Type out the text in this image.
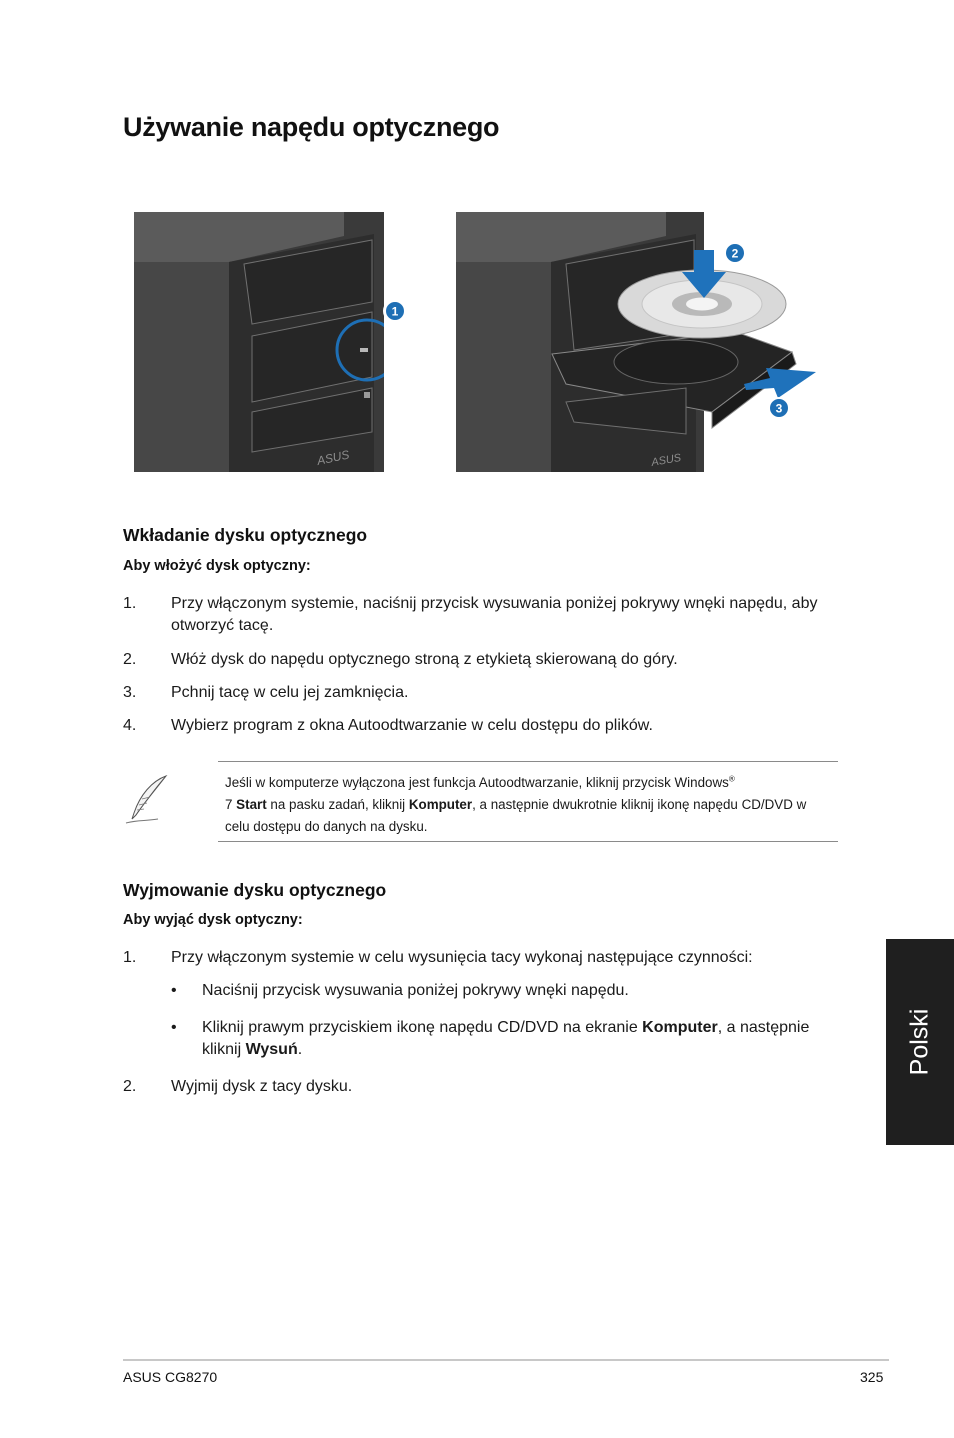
Używanie napędu optycznego
ASUS
1
ASUS
2
3
Wkładanie dysku optycznego
Aby włożyć dysk optyczny:
1. Przy włączonym systemie, naciśnij przycisk wysuwania poniżej pokrywy wnęki napędu, aby otworzyć tacę.
2. Włóż dysk do napędu optycznego stroną z etykietą skierowaną do góry.
3. Pchnij tacę w celu jej zamknięcia.
4. Wybierz program z okna Autoodtwarzanie w celu dostępu do plików.
Jeśli w komputerze wyłączona jest funkcja Autoodtwarzanie, kliknij przycisk Windows®
7 Start na pasku zadań, kliknij Komputer, a następnie dwukrotnie kliknij ikonę napędu CD/DVD w celu dostępu do danych na dysku.
Wyjmowanie dysku optycznego
Aby wyjąć dysk optyczny:
1. Przy włączonym systemie w celu wysunięcia tacy wykonaj następujące czynności:
• Naciśnij przycisk wysuwania poniżej pokrywy wnęki napędu.
• Kliknij prawym przyciskiem ikonę napędu CD/DVD na ekranie Komputer, a następnie kliknij Wysuń.
2. Wyjmij dysk z tacy dysku.
Polski
ASUS CG8270	325
